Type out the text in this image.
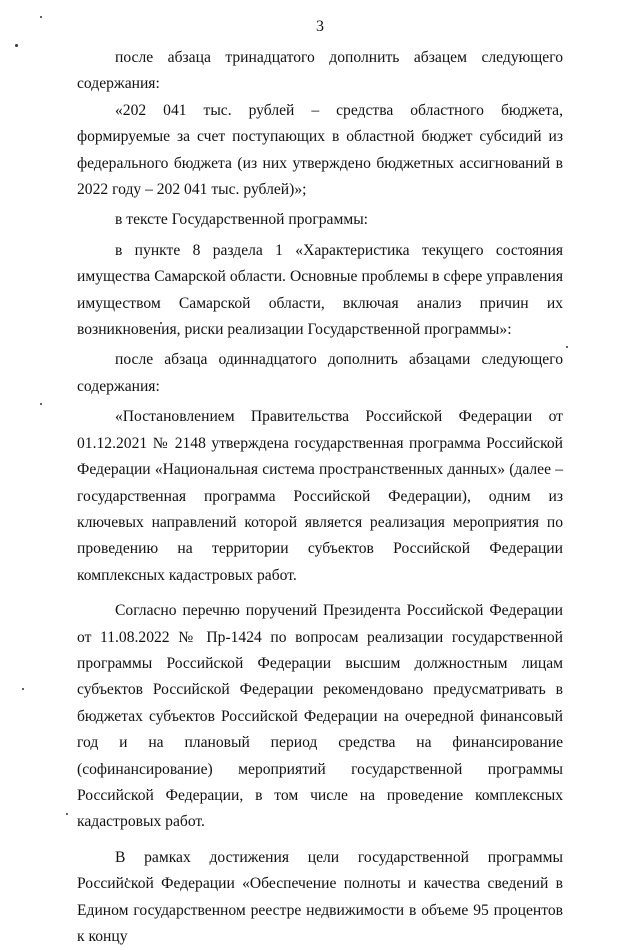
3

после абзаца тринадцатого дополнить абзацем следующего содержания:

«202 041 тыс. рублей – средства областного бюджета, формируемые за счет поступающих в областной бюджет субсидий из федерального бюджета (из них утверждено бюджетных ассигнований в 2022 году – 202 041 тыс. рублей)»;

в тексте Государственной программы:

в пункте 8 раздела 1 «Характеристика текущего состояния имущества Самарской области. Основные проблемы в сфере управления имуществом Самарской области, включая анализ причин их возникновения, риски реализации Государственной программы»:

после абзаца одиннадцатого дополнить абзацами следующего содержания:

«Постановлением Правительства Российской Федерации от 01.12.2021 № 2148 утверждена государственная программа Российской Федерации «Национальная система пространственных данных» (далее – государственная программа Российской Федерации), одним из ключевых направлений которой является реализация мероприятия по проведению на территории субъектов Российской Федерации комплексных кадастровых работ.

Согласно перечню поручений Президента Российской Федерации от 11.08.2022 № Пр-1424 по вопросам реализации государственной программы Российской Федерации высшим должностным лицам субъектов Российской Федерации рекомендовано предусматривать в бюджетах субъектов Российской Федерации на очередной финансовый год и на плановый период средства на финансирование (софинансирование) мероприятий государственной программы Российской Федерации, в том числе на проведение комплексных кадастровых работ.

В рамках достижения цели государственной программы Российской Федерации «Обеспечение полноты и качества сведений в Едином государственном реестре недвижимости в объеме 95 процентов к концу
